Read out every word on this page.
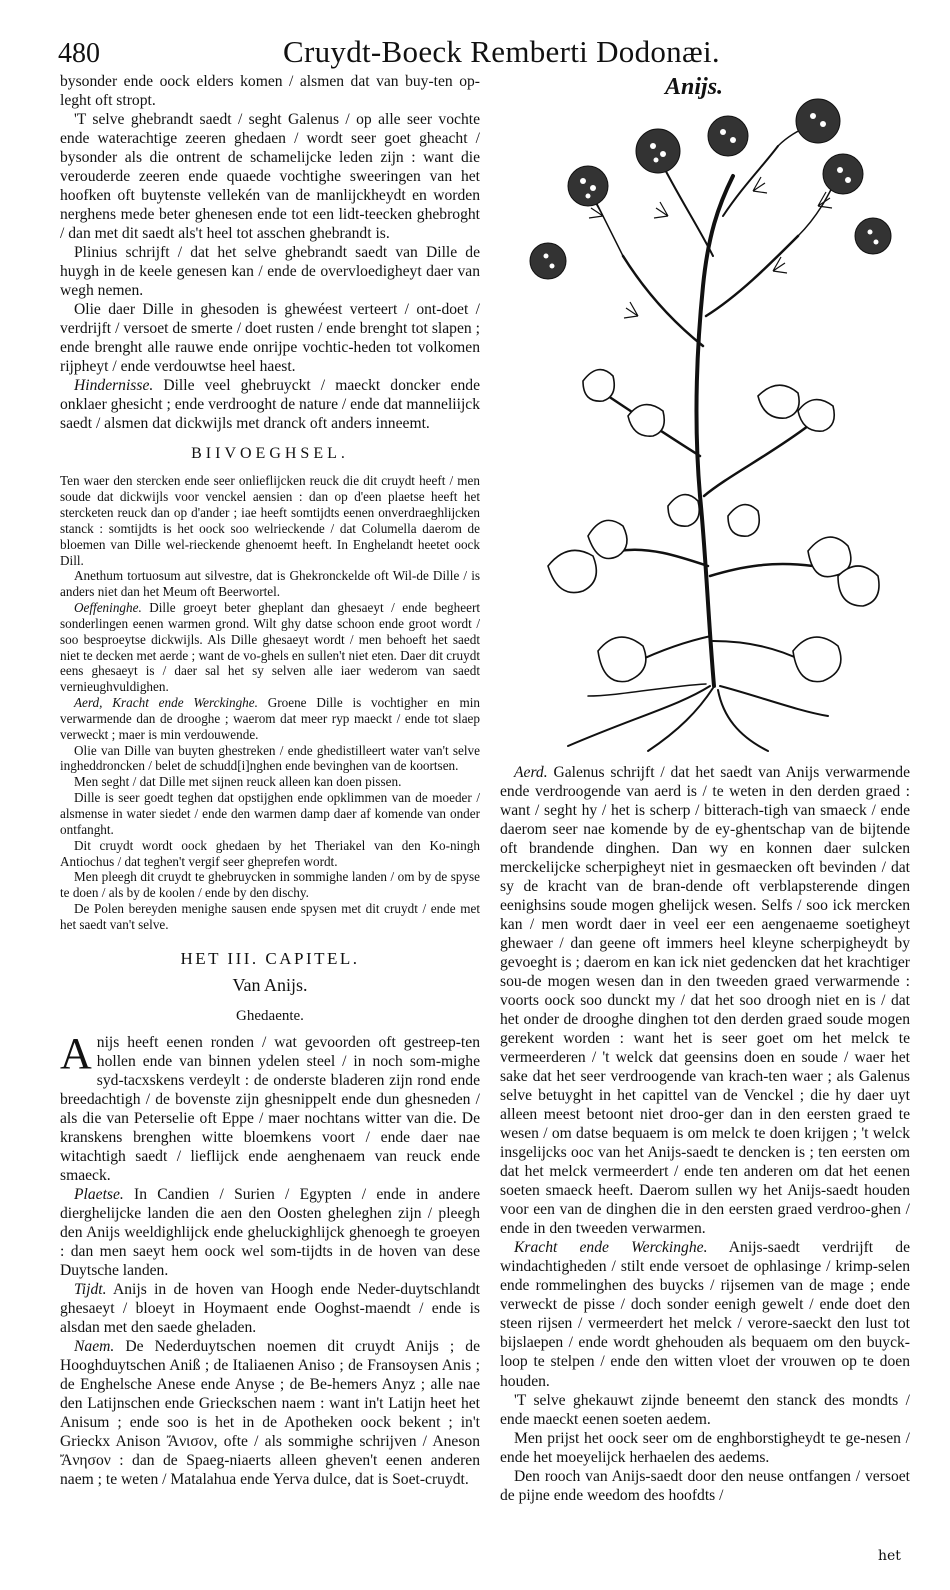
480	Cruydt-Boeck Remberti Dodonæi.
Anijs.

bysonder ende oock elders komen / alsmen dat van buy-ten op-leght oft stropt.

'T selve ghebrandt saedt / seght Galenus / op alle seer vochte ende waterachtige zeeren ghedaen / wordt seer goet gheacht / bysonder als die ontrent de schamelijcke leden zijn : want die verouderde zeeren ende quaede vochtighe sweeringen van het hoofken oft buytenste vellekén van de manlijckheydt en worden nerghens mede beter ghenesen ende tot een lidt-teecken ghebroght / dan met dit saedt als't heel tot asschen ghebrandt is.

Plinius schrijft / dat het selve ghebrandt saedt van Dille de huygh in de keele genesen kan / ende de overvloedigheyt daer van wegh nemen.

Olie daer Dille in ghesoden is ghewéest verteert / ont-doet / verdrijft / versoet de smerte / doet rusten / ende brenght tot slapen ; ende brenght alle rauwe ende onrijpe vochtic-heden tot volkomen rijpheyt / ende verdouwtse heel haest.

Hindernisse. Dille veel ghebruyckt / maeckt doncker ende onklaer ghesicht ; ende verdrooght de nature / ende dat manneliijck saedt / alsmen dat dickwijls met dranck oft anders inneemt.

BIIVOEGHSEL.

Ten waer den stercken ende seer onlieflijcken reuck die dit cruydt heeft / men soude dat dickwijls voor venckel aensien : dan op d'een plaetse heeft het stercketen reuck dan op d'ander ; iae heeft somtijdts eenen onverdraeghlijcken stanck : somtijdts is het oock soo welrieckende / dat Columella daerom de bloemen van Dille wel-rieckende ghenoemt heeft. In Enghelandt heetet oock Dill.

Anethum tortuosum aut silvestre, dat is Ghekronckelde oft Wil-de Dille / is anders niet dan het Meum oft Beerwortel.

Oeffeninghe. Dille groeyt beter gheplant dan ghesaeyt / ende begheert sonderlingen eenen warmen grond. Wilt ghy datse schoon ende groot wordt / soo besproeytse dickwijls. Als Dille ghesaeyt wordt / men behoeft het saedt niet te decken met aerde ; want de vo-ghels en sullen't niet eten. Daer dit cruydt eens ghesaeyt is / daer sal het sy selven alle iaer wederom van saedt vernieughvuldighen.

Aerd, Kracht ende Werckinghe. Groene Dille is vochtigher en min verwarmende dan de drooghe ; waerom dat meer ryp maeckt / ende tot slaep verweckt ; maer is min verdouwende.

Olie van Dille van buyten ghestreken / ende ghedistilleert water van't selve ingheddroncken / belet de schudd[i]nghen ende bevinghen van de koortsen.

Men seght / dat Dille met sijnen reuck alleen kan doen pissen.

Dille is seer goedt teghen dat opstijghen ende opklimmen van de moeder / alsmense in water siedet / ende den warmen damp daer af komende van onder ontfanght.

Dit cruydt wordt oock ghedaen by het Theriakel van den Ko-ningh Antiochus / dat teghen't vergif seer gheprefen wordt.

Men pleegh dit cruydt te ghebruycken in sommighe landen / om by de spyse te doen / als by de koolen / ende by den dischy.

De Polen bereyden menighe sausen ende spysen met dit cruydt / ende met het saedt van't selve.

HET III. CAPITEL.
Van Anijs.
Ghedaente.

Anijs heeft eenen ronden / wat gevoorden oft gestreep-ten hollen ende van binnen ydelen steel / in noch som-mighe syd-tacxskens verdeylt : de onderste bladeren zijn rond ende breedachtigh / de bovenste zijn ghesnippelt ende dun ghesneden / als die van Peterselie oft Eppe / maer nochtans witter van die. De kranskens brenghen witte bloemkens voort / ende daer nae witachtigh saedt / lieflijck ende aenghenaem van reuck ende smaeck.

Plaetse. In Candien / Surien / Egypten / ende in andere dierghelijcke landen die aen den Oosten gheleghen zijn / pleegh den Anijs weeldighlijck ende gheluckighlijck ghenoegh te groeyen : dan men saeyt hem oock wel som-tijdts in de hoven van dese Duytsche landen.

Tijdt. Anijs in de hoven van Hoogh ende Neder-duytschlandt ghesaeyt / bloeyt in Hoymaent ende Ooghst-maendt / ende is alsdan met den saede gheladen.

Naem. De Nederduytschen noemen dit cruydt Anijs ; de Hooghduytschen Aniß ; de Italiaenen Aniso ; de Fransoysen Anis ; de Enghelsche Anese ende Anyse ; de Be-hemers Anyz ; alle nae den Latijnschen ende Grieckschen naem : want in't Latijn heet het Anisum ; ende soo is het in de Apotheken oock bekent ; in't Grieckx Anison Ἄνισον, ofte / als sommighe schrijven / Aneson Ἄνησον : dan de Spaeg-niaerts alleen gheven't eenen anderen naem ; te weten / Matalahua ende Yerva dulce, dat is Soet-cruydt.

Aerd. Galenus schrijft / dat het saedt van Anijs verwarmende ende verdroogende van aerd is / te weten in den derden graed : want / seght hy / het is scherp / bitterach-tigh van smaeck / ende daerom seer nae komende by de ey-ghentschap van de bijtende oft brandende dinghen. Dan wy en konnen daer sulcken merckelijcke scherpigheyt niet in gesmaecken oft bevinden / dat sy de kracht van de bran-dende oft verblapsterende dingen eenighsins soude mogen ghelijck wesen. Selfs / soo ick mercken kan / men wordt daer in veel eer een aengenaeme soetigheyt ghewaer / dan geene oft immers heel kleyne scherpigheydt by gevoeght is ; daerom en kan ick niet gedencken dat het krachtiger sou-de mogen wesen dan in den tweeden graed verwarmende : voorts oock soo dunckt my / dat het soo droogh niet en is / dat het onder de drooghe dinghen tot den derden graed soude mogen gerekent worden : want het is seer goet om het melck te vermeerderen / 't welck dat geensins doen en soude / waer het sake dat het seer verdroogende van krach-ten waer ; als Galenus selve betuyght in het capittel van de Venckel ; die hy daer uyt alleen meest betoont niet droo-ger dan in den eersten graed te wesen / om datse bequaem is om melck te doen krijgen ; 't welck insgelijcks ooc van het Anijs-saedt te dencken is ; ten eersten om dat het melck vermeerdert / ende ten anderen om dat het eenen soeten smaeck heeft. Daerom sullen wy het Anijs-saedt houden voor een van de dinghen die in den eersten graed verdroo-ghen / ende in den tweeden verwarmen.

Kracht ende Werckinghe. Anijs-saedt verdrijft de windachtigheden / stilt ende versoet de ophlasinge / krimp-selen ende rommelinghen des buycks / rijsemen van de mage ; ende verweckt de pisse / doch sonder eenigh gewelt / ende doet den steen rijsen / vermeerdert het melck / verore-saeckt den lust tot bijslaepen / ende wordt ghehouden als bequaem om den buyck-loop te stelpen / ende den witten vloet der vrouwen op te doen houden.

'T selve ghekauwt zijnde beneemt den stanck des mondts / ende maeckt eenen soeten aedem.

Men prijst het oock seer om de enghborstigheydt te ge-nesen / ende het moeyelijck herhaelen des aedems.

Den rooch van Anijs-saedt door den neuse ontfangen / versoet de pijne ende weedom des hoofdts /

het
